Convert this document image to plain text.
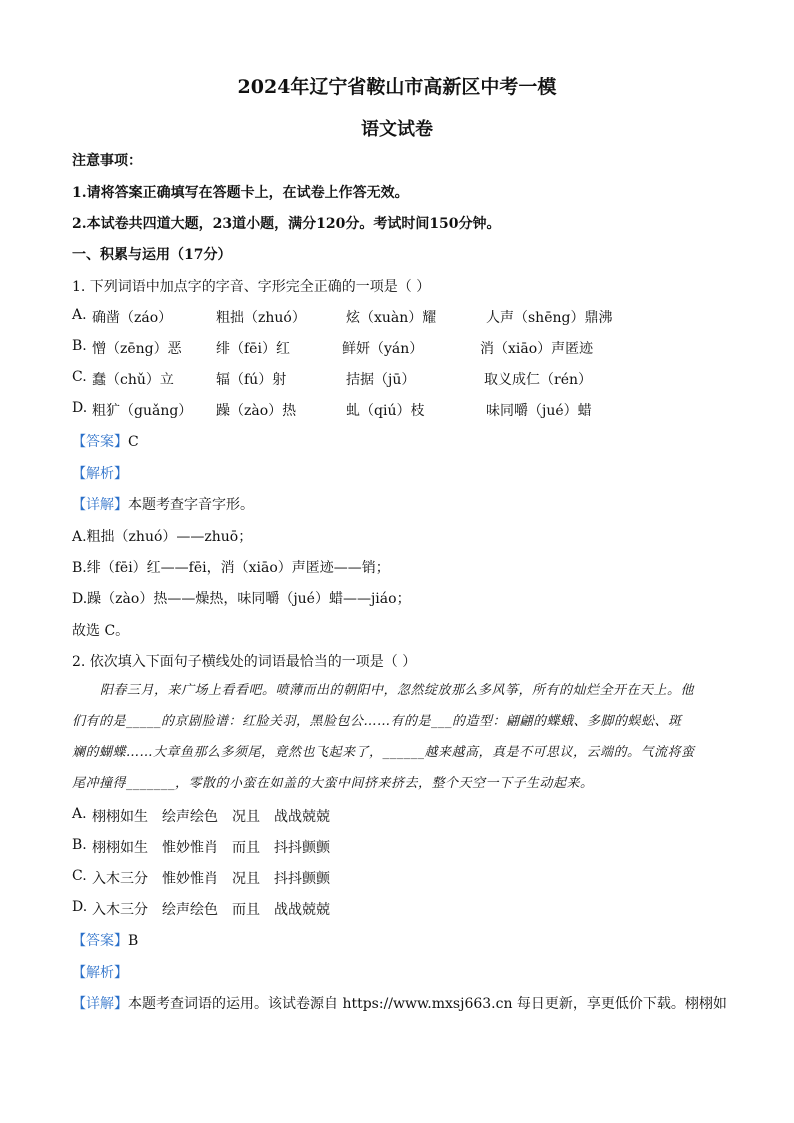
2024年辽宁省鞍山市高新区中考一模
语文试卷
注意事项：
1.请将答案正确填写在答题卡上，在试卷上作答无效。
2.本试卷共四道大题，23道小题，满分120分。考试时间150分钟。
一、积累与运用（17分）
1. 下列词语中加点字的字音、字形完全正确的一项是（ ）
A. 确凿（záo）	粗拙（zhuó）	炫（xuàn）耀	人声（shēng）鼎沸
B. 憎（zēng）恶 绯（fēi）红	鲜妍（yán）	消（xiāo）声匿迹
C. 蠢（chǔ）立	辐（fú）射	拮据（jū）	取义成仁（rén）
D. 粗犷（guǎng） 躁（zào）热	虬（qiú）枝	味同嚼（jué）蜡
【答案】C
【解析】
【详解】本题考查字音字形。
A.粗拙（zhuó）——zhuō；
B.绯（fēi）红——fēi，消（xiāo）声匿迹——销；
D.躁（zào）热——燥热，味同嚼（jué）蜡——jiáo；
故选 C。
2. 依次填入下面句子横线处的词语最恰当的一项是（ ）

阳春三月，来广场上看看吧。喷薄而出的朝阳中，忽然绽放那么多风筝，所有的灿烂全开在天上。他

们有的是_____的京剧脸谱：红脸关羽，黑脸包公……有的是___的造型：翩翩的蝶蛾、多脚的蜈蚣、斑

斓的蝴蝶……大章鱼那么多须尾，竟然也飞起来了，______越来越高，真是不可思议，云端的。气流将蛮

尾冲撞得_______，零散的小蛮在如盖的大蛮中间挤来挤去，整个天空一下子生动起来。

A. 栩栩如生 绘声绘色 况且 战战兢兢
B. 栩栩如生 惟妙惟肖 而且 抖抖颤颤
C. 入木三分 惟妙惟肖 况且 抖抖颤颤
D. 入木三分 绘声绘色 而且 战战兢兢
【答案】B
【解析】
【详解】本题考查词语的运用。该试卷源自 https://www.mxsj663.cn 每日更新，享更低价下载。栩栩如
